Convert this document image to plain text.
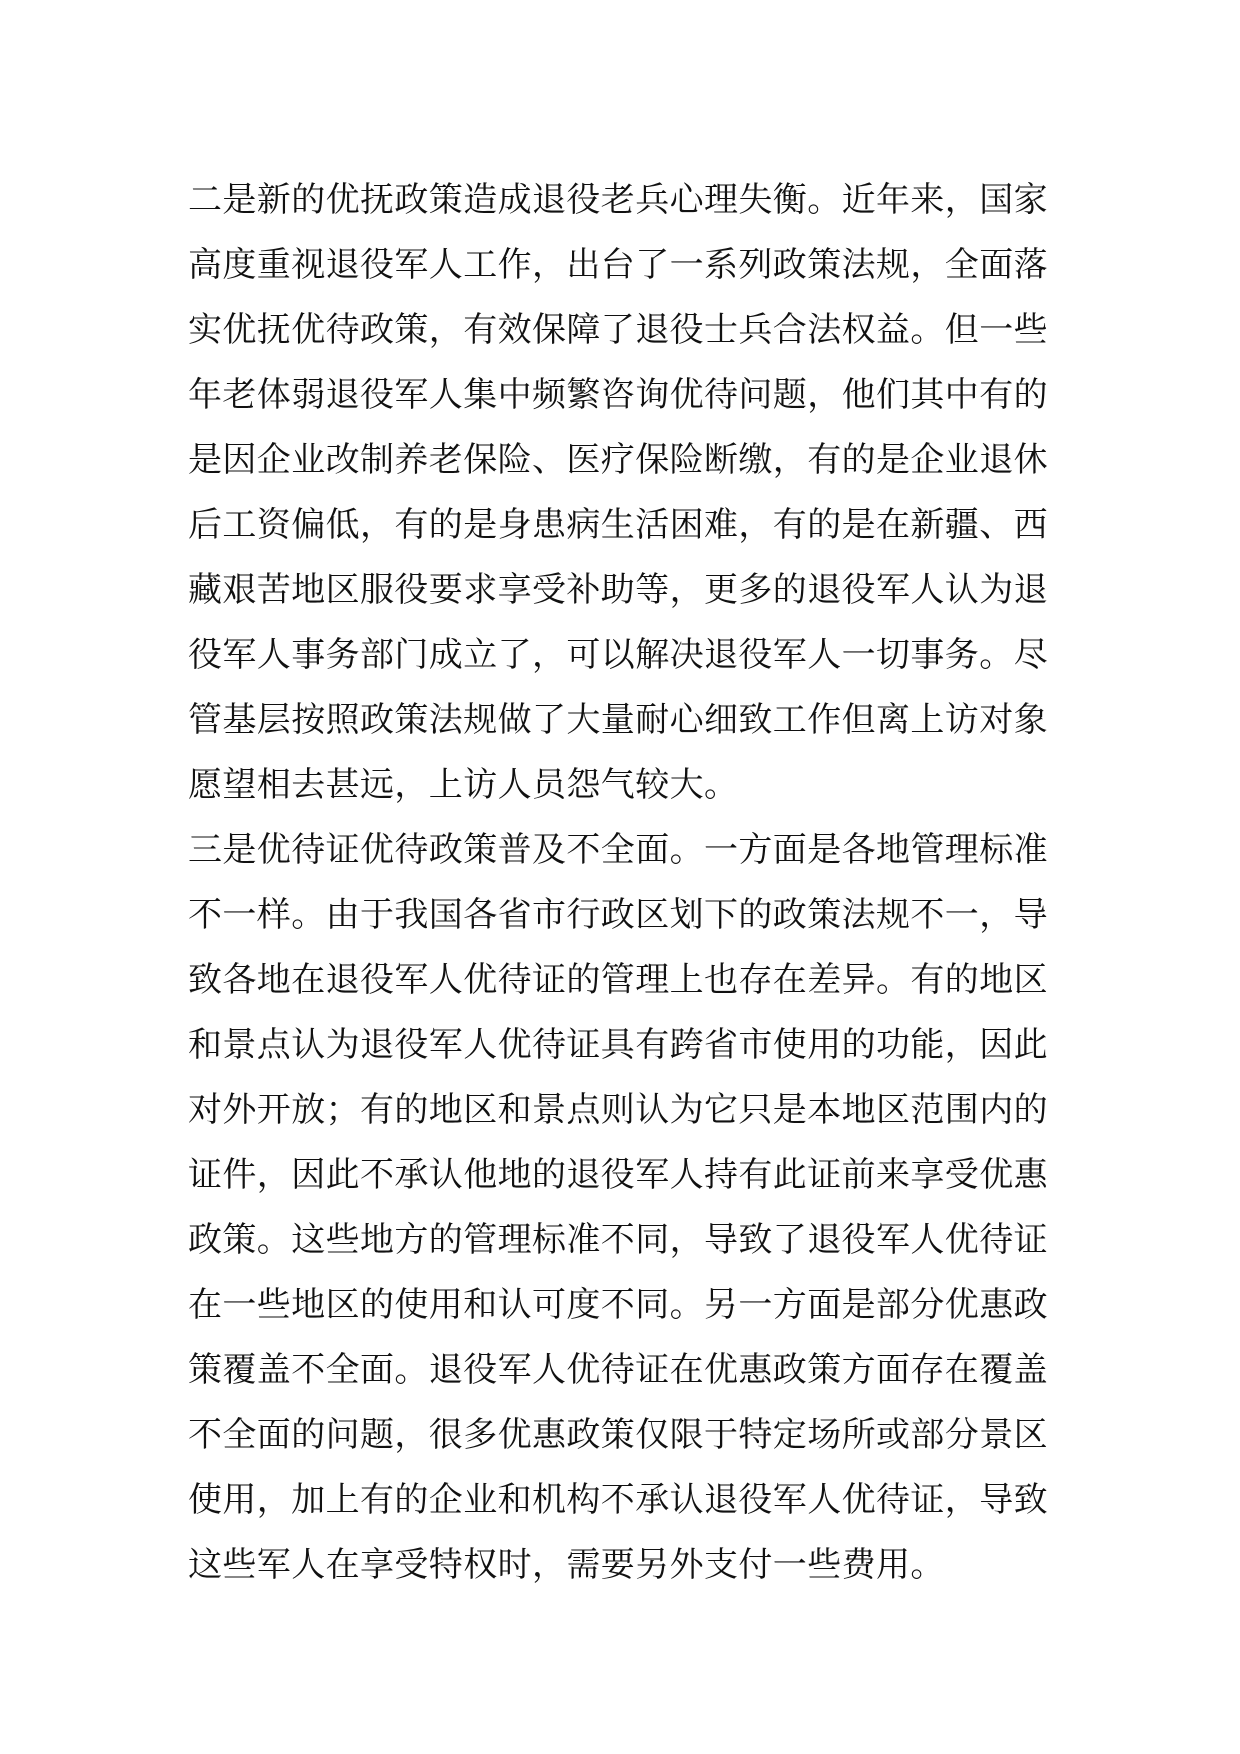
二是新的优抚政策造成退役老兵心理失衡。近年来，国家
高度重视退役军人工作，出台了一系列政策法规，全面落
实优抚优待政策，有效保障了退役士兵合法权益。但一些
年老体弱退役军人集中频繁咨询优待问题，他们其中有的
是因企业改制养老保险、医疗保险断缴，有的是企业退休
后工资偏低，有的是身患病生活困难，有的是在新疆、西
藏艰苦地区服役要求享受补助等，更多的退役军人认为退
役军人事务部门成立了，可以解决退役军人一切事务。尽
管基层按照政策法规做了大量耐心细致工作但离上访对象
愿望相去甚远，上访人员怨气较大。
三是优待证优待政策普及不全面。一方面是各地管理标准
不一样。由于我国各省市行政区划下的政策法规不一，导
致各地在退役军人优待证的管理上也存在差异。有的地区
和景点认为退役军人优待证具有跨省市使用的功能，因此
对外开放；有的地区和景点则认为它只是本地区范围内的
证件，因此不承认他地的退役军人持有此证前来享受优惠
政策。这些地方的管理标准不同，导致了退役军人优待证
在一些地区的使用和认可度不同。另一方面是部分优惠政
策覆盖不全面。退役军人优待证在优惠政策方面存在覆盖
不全面的问题，很多优惠政策仅限于特定场所或部分景区
使用，加上有的企业和机构不承认退役军人优待证，导致
这些军人在享受特权时，需要另外支付一些费用。
